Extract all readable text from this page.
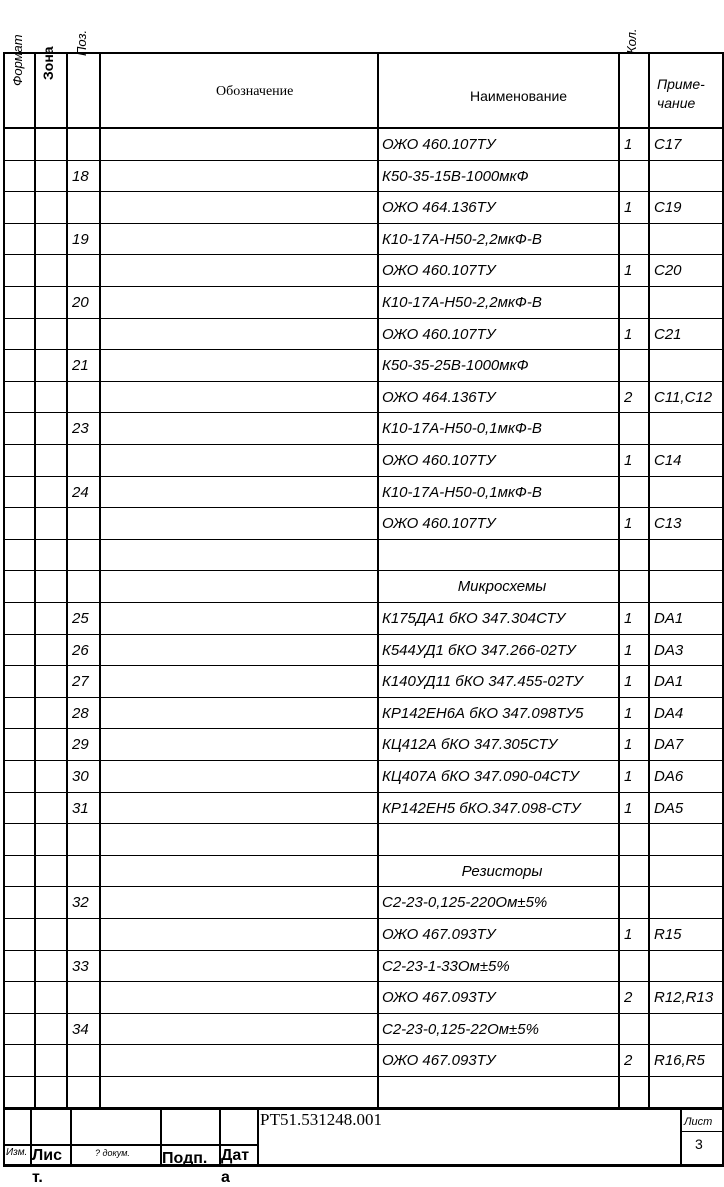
Формат Зона
Поз.
Обозначение	Наименование
Кол.
Приме-
чание
ОЖО 460.107ТУ	1	С17
18	К50-35-15В-1000мкФ
ОЖО 464.136ТУ	1	С19
19	К10-17А-Н50-2,2мкФ-В
ОЖО 460.107ТУ	1	С20
20	К10-17А-Н50-2,2мкФ-В
ОЖО 460.107ТУ	1	С21
21	К50-35-25В-1000мкФ
ОЖО 464.136ТУ	2	С11,С12
23	К10-17А-Н50-0,1мкФ-В
ОЖО 460.107ТУ	1	С14
24	К10-17А-Н50-0,1мкФ-В
ОЖО 460.107ТУ	1	С13
Микросхемы
25	К175ДА1 бКО 347.304СТУ	1	DA1
26	К544УД1 бКО 347.266-02ТУ	1	DA3
27	К140УД11 бКО 347.455-02ТУ	1	DA1
28	КР142ЕН6А бКО 347.098ТУ5	1	DA4
29	КЦ412А бКО 347.305СТУ	1	DA7
30	КЦ407А бКО 347.090-04СТУ	1	DA6
31	КР142ЕН5 бКО.347.098-СТУ	1	DA5
Резисторы
32	С2-23-0,125-220Ом±5%
ОЖО 467.093ТУ	1	R15
33	С2-23-1-33Ом±5%
ОЖО 467.093ТУ	2	R12,R13
34	С2-23-0,125-22Ом±5%
ОЖО 467.093ТУ	2	R16,R5
Изм. Лис
т.
? докум. Подп. Дат
а
РТ51.531248.001	Лист
3
